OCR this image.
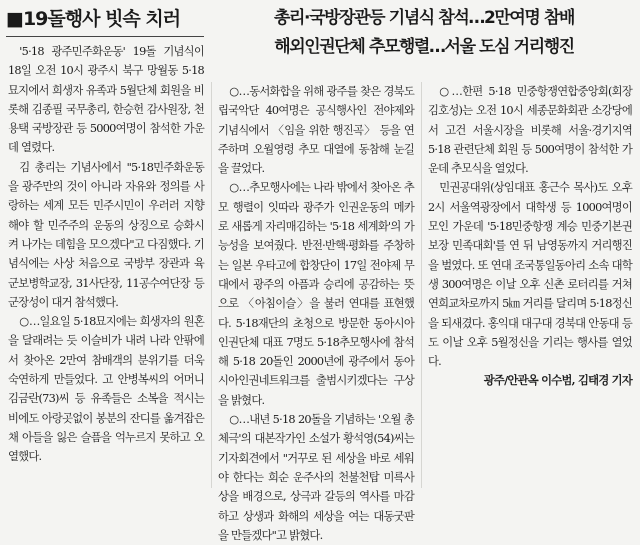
■19돌행사 빗속 치러	총리·국방장관등 기념식 참석…2만여명 참배
해외인권단체 추모행렬…서울 도심 거리행진

'5·18 광주민주화운동' 19돌 기념식이 18일 오전 10시 광주시 북구 망월동 5·18묘지에서 희생자 유족과 5월단체 회원을 비롯해 김종필 국무총리, 한승헌 감사원장, 천용택 국방장관 등 5000여명이 참석한 가운데 열렸다.

김 총리는 기념사에서 "5·18민주화운동을 광주만의 것이 아니라 자유와 정의를 사랑하는 세계 모든 민주시민이 우러러 지향해야 할 민주주의 운동의 상징으로 승화시켜 나가는 데힘을 모으겠다"고 다짐했다. 기념식에는 사상 처음으로 국방부 장관과 육군보병학교장, 31사단장, 11공수여단장 등 군장성이 대거 참석했다.

○…일요일 5·18묘지에는 희생자의 원혼을 달래려는 듯 이슬비가 내려 나라 안팎에서 찾아온 2만여 참배객의 분위기를 더욱 숙연하게 만들었다. 고 안병복씨의 어머니 김금란(73)씨 등 유족들은 소복을 적시는 비에도 아랑곳없이 봉분의 잔디를 옮겨잡은 채 아들을 잃은 슬픔을 억누르지 못하고 오열했다.

○…동서화합을 위해 광주를 찾은 경북도립국악단 40여명은 공식행사인 전야제와 기념식에서 〈임을 위한 행진곡〉 등을 연주하며 오월영령 추모 대열에 동참해 눈길을 끌었다.

○…추모행사에는 나라 밖에서 찾아온 추모 행렬이 잇따라 광주가 인권운동의 메카로 새롭게 자리매김하는 '5·18 세계화'의 가능성을 보여줬다. 반전·반핵·평화를 주창하는 일본 우타고에 합창단이 17일 전야제 무대에서 광주의 아픔과 승리에 공감하는 뜻으로 〈아침이슬〉을 불러 연대를 표현했다. 5·18재단의 초청으로 방문한 동아시아 인권단체 대표 7명도 5·18추모행사에 참석해 5·18 20돌인 2000년에 광주에서 동아시아인권네트워크를 출범시키겠다는 구상을 밝혔다.

○…내년 5·18 20돌을 기념하는 '오월 총체극'의 대본작가인 소설가 황석영(54)씨는 기자회견에서 "거꾸로 된 세상을 바로 세워야 한다는 희순 운주사의 천불천탑 미륵사상을 배경으로, 상극과 갈등의 역사를 마감하고 상생과 화해의 세상을 여는 대동굿판을 만들겠다"고 밝혔다.

○…한편 5·18 민중항쟁연합중앙회(회장 김호성)는 오전 10시 세종문화회관 소강당에서 고건 서울시장을 비롯해 서울·경기지역 5·18 관련단체 회원 등 500여명이 참석한 가운데 추모식을 열었다.

민권공대위(상임대표 홍근수 목사)도 오후 2시 서울역광장에서 대학생 등 1000여명이 모인 가운데 '5·18민중항쟁 계승 민중기본권 보장 민족대회'를 연 뒤 남영동까지 거리행진을 벌였다. 또 연대 조국통일동아리 소속 대학생 300여명은 이날 오후 신촌 로터리를 거쳐 연희교차로까지 5㎞ 거리를 달리며 5·18정신을 되새겼다. 홍익대 대구대 경북대 안동대 등도 이날 오후 5월정신을 기리는 행사를 열었다.

광주/안관옥 이수범, 김태경 기자
